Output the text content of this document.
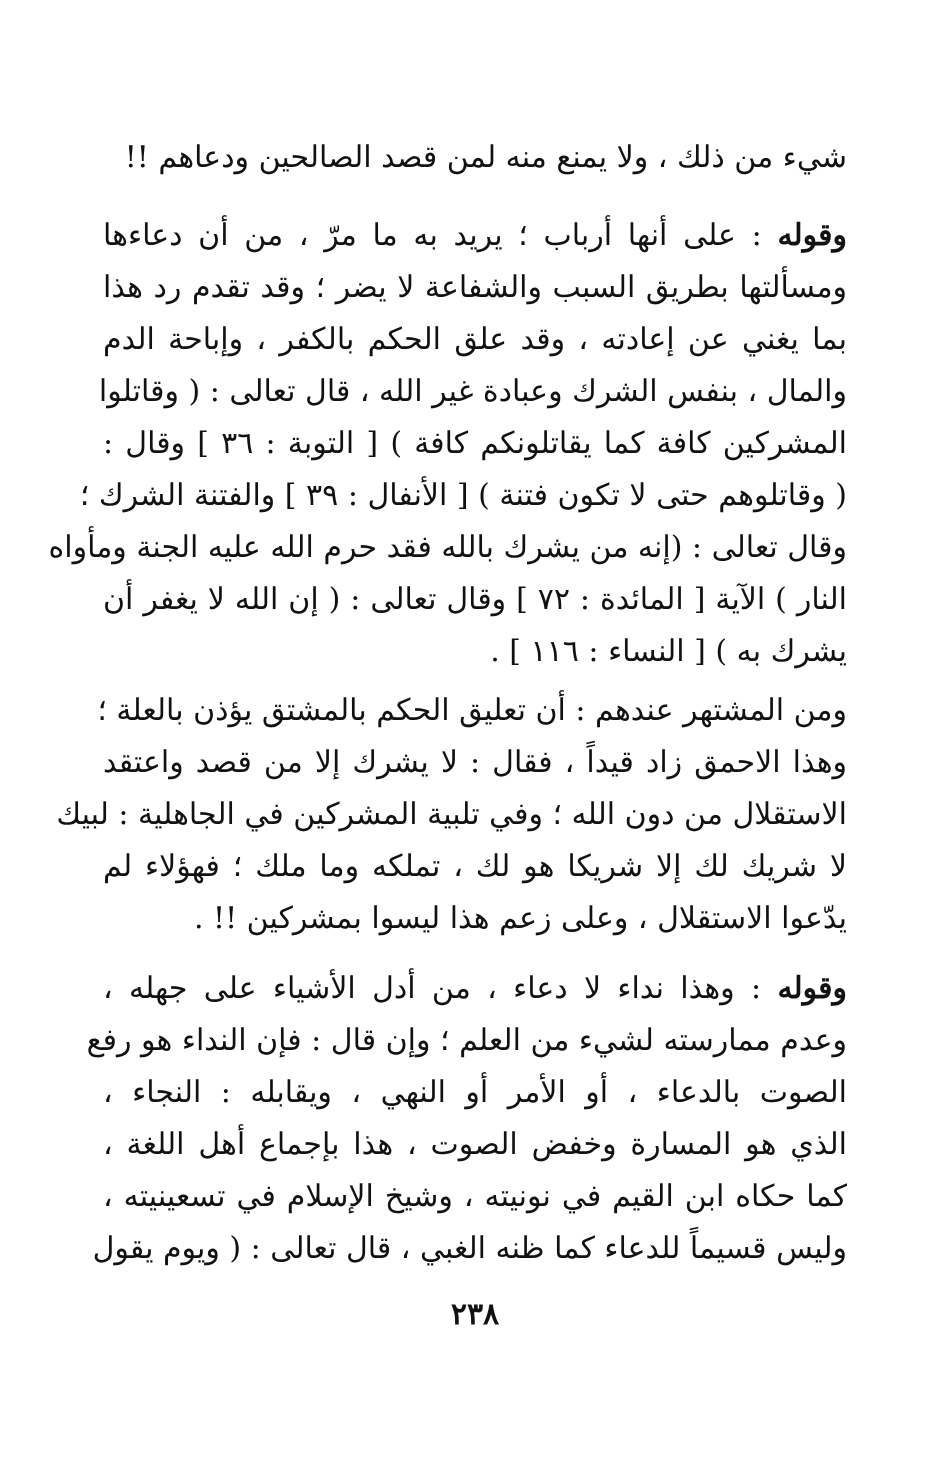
شيء من ذلك ، ولا يمنع منه لمن قصد الصالحين ودعاهم !!
وقوله : على أنها أرباب ؛ يريد به ما مرّ ، من أن دعاءها
ومسألتها بطريق السبب والشفاعة لا يضر ؛ وقد تقدم رد هذا
بما يغني عن إعادته ، وقد علق الحكم بالكفر ، وإباحة الدم
والمال ، بنفس الشرك وعبادة غير الله ، قال تعالى : ( وقاتلوا
المشركين كافة كما يقاتلونكم كافة ) [ التوبة : ٣٦ ] وقال :
( وقاتلوهم حتى لا تكون فتنة ) [ الأنفال : ٣٩ ] والفتنة الشرك ؛
وقال تعالى : (إنه من يشرك بالله فقد حرم الله عليه الجنة ومأواه
النار ) الآية [ المائدة : ٧٢ ] وقال تعالى : ( إن الله لا يغفر أن
يشرك به ) [ النساء : ١١٦ ] .
ومن المشتهر عندهم : أن تعليق الحكم بالمشتق يؤذن بالعلة ؛
وهذا الاحمق زاد قيداً ، فقال : لا يشرك إلا من قصد واعتقد
الاستقلال من دون الله ؛ وفي تلبية المشركين في الجاهلية : لبيك
لا شريك لك إلا شريكا هو لك ، تملكه وما ملك ؛ فهؤلاء لم
يدّعوا الاستقلال ، وعلى زعم هذا ليسوا بمشركين !! .
وقوله : وهذا نداء لا دعاء ، من أدل الأشياء على جهله ،
وعدم ممارسته لشيء من العلم ؛ وإن قال : فإن النداء هو رفع
الصوت بالدعاء ، أو الأمر أو النهي ، ويقابله : النجاء ،
الذي هو المسارة وخفض الصوت ، هذا بإجماع أهل اللغة ،
كما حكاه ابن القيم في نونيته ، وشيخ الإسلام في تسعينيته ،
وليس قسيماً للدعاء كما ظنه الغبي ، قال تعالى : ( ويوم يقول
٢٣٨
